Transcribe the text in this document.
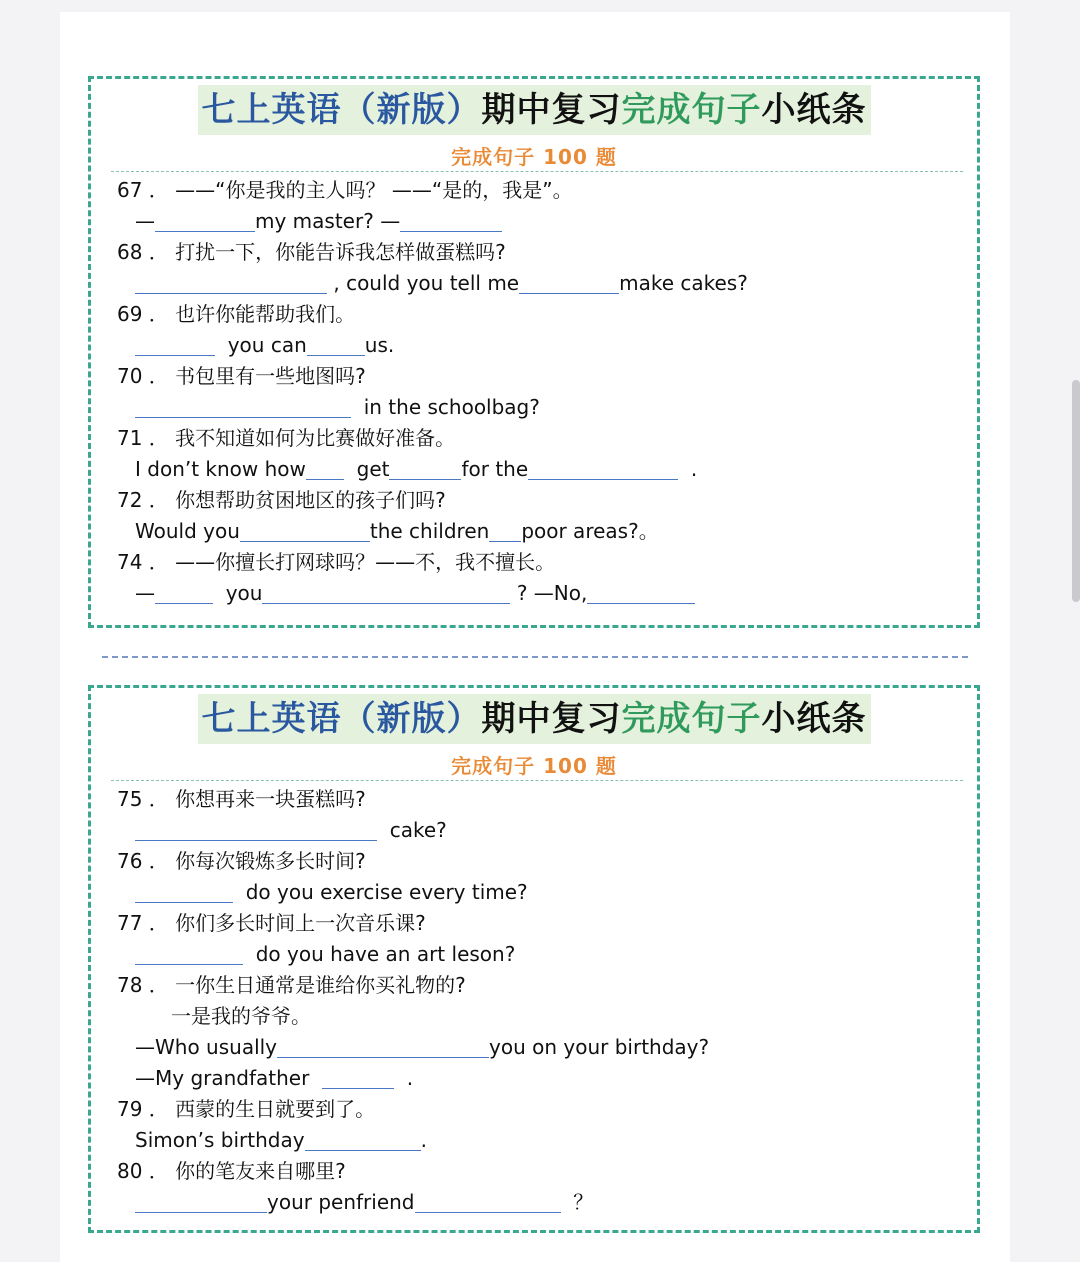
七上英语（新版）期中复习完成句子小纸条
完成句子 100 题
67 ． ——“你是我的主人吗？ ——“是的，我是”。
—	my master? —
68 ． 打扰一下，你能告诉我怎样做蛋糕吗?
, could you tell me	make cakes?
69 ． 也许你能帮助我们。
you can	us.
70 ． 书包里有一些地图吗?
in the schoolbag?
71 ． 我不知道如何为比赛做好准备。
I don’t know how	get	for the	.
72 ． 你想帮助贫困地区的孩子们吗?
Would you	the children poor areas?。
74 ． ——你擅长打网球吗？——不，我不擅长。
—	you	? —No,
七上英语（新版）期中复习完成句子小纸条
完成句子 100 题
75 ． 你想再来一块蛋糕吗?
cake?
76 ． 你每次锻炼多长时间?
do you exercise every time?
77 ． 你们多长时间上一次音乐课?
do you have an art leson?
78 ． 一你生日通常是谁给你买礼物的?
一是我的爷爷。
—Who usually	you on your birthday?
—My grandfather	.
79 ． 西蒙的生日就要到了。
Simon’s birthday	.
80 ． 你的笔友来自哪里?
your penfriend	？
